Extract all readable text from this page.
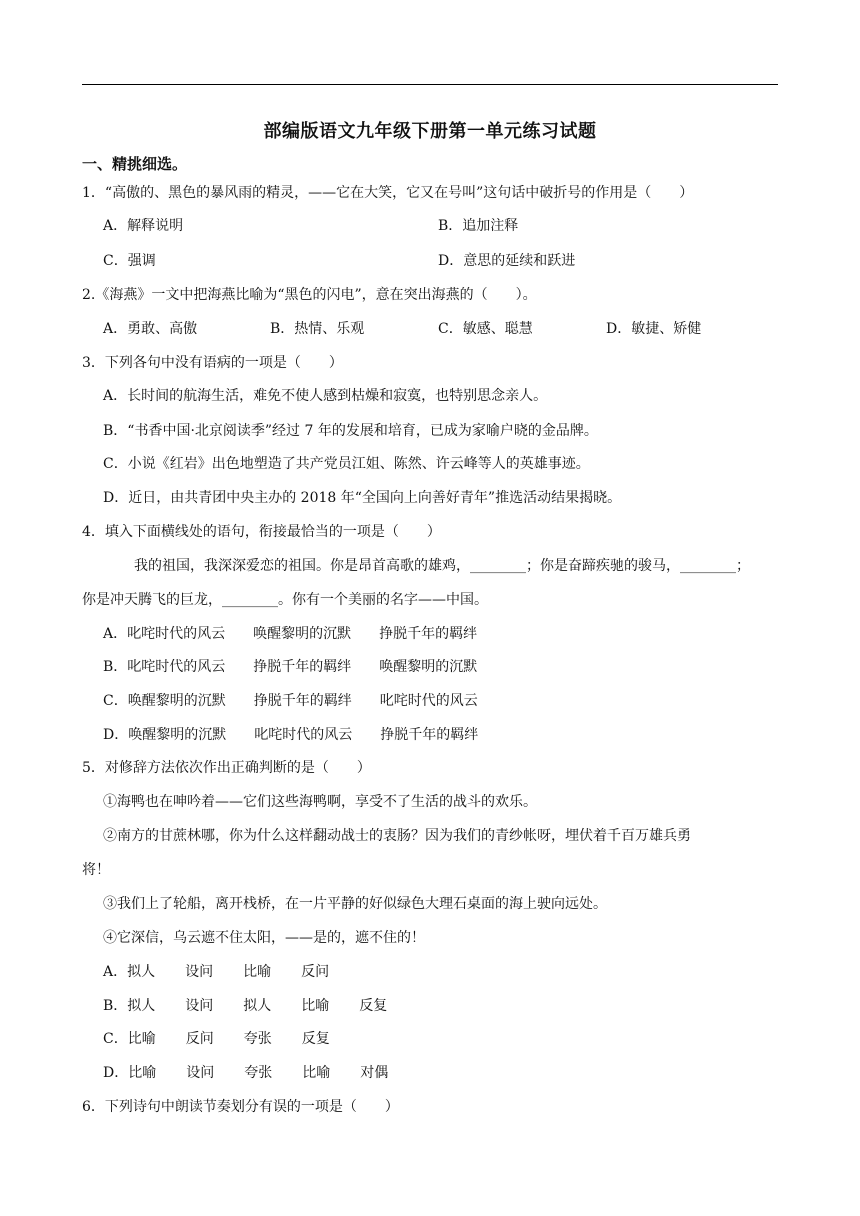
部编版语文九年级下册第一单元练习试题
一、精挑细选。
1．“高傲的、黑色的暴风雨的精灵，——它在大笑，它又在号叫”这句话中破折号的作用是（　　）
A．解释说明	B．追加注释
C．强调	D．意思的延续和跃进
2.《海燕》一文中把海燕比喻为“黑色的闪电”，意在突出海燕的（　　）。
A．勇敢、高傲	B．热情、乐观	C．敏感、聪慧	D．敏捷、矫健
3．下列各句中没有语病的一项是（　　）
A．长时间的航海生活，难免不使人感到枯燥和寂寞，也特别思念亲人。
B．“书香中国·北京阅读季”经过 7 年的发展和培育，已成为家喻户晓的金品牌。
C．小说《红岩》出色地塑造了共产党员江姐、陈然、许云峰等人的英雄事迹。
D．近日，由共青团中央主办的 2018 年“全国向上向善好青年”推选活动结果揭晓。
4．填入下面横线处的语句，衔接最恰当的一项是（　　）
我的祖国，我深深爱恋的祖国。你是昂首高歌的雄鸡，________；你是奋蹄疾驰的骏马，________；
你是冲天腾飞的巨龙，________。你有一个美丽的名字——中国。
A．叱咤时代的风云 唤醒黎明的沉默 挣脱千年的羁绊
B．叱咤时代的风云 挣脱千年的羁绊 唤醒黎明的沉默
C．唤醒黎明的沉默 挣脱千年的羁绊 叱咤时代的风云
D．唤醒黎明的沉默 叱咤时代的风云 挣脱千年的羁绊
5．对修辞方法依次作出正确判断的是（　　）
①海鸭也在呻吟着——它们这些海鸭啊，享受不了生活的战斗的欢乐。
②南方的甘蔗林哪，你为什么这样翻动战士的衷肠？因为我们的青纱帐呀，埋伏着千百万雄兵勇
将！
③我们上了轮船，离开栈桥，在一片平静的好似绿色大理石桌面的海上驶向远处。
④它深信，乌云遮不住太阳，——是的，遮不住的！
A．拟人 设问 比喻 反问
B．拟人 设问 拟人 比喻 反复
C．比喻 反问 夸张 反复
D．比喻 设问 夸张 比喻 对偶
6．下列诗句中朗读节奏划分有误的一项是（　　）
